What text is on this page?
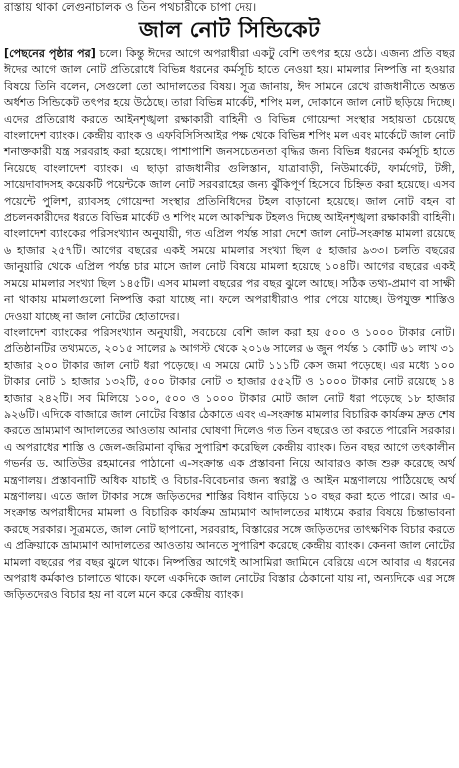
রাস্তায় থাকা লেগুনাচালক ও তিন পথচারীকে চাপা দেয়।

জাল নোট সিন্ডিকেট

[পেছনের পৃষ্ঠার পর] চলে। কিন্তু ঈদের আগে অপরাধীরা একটু বেশি তৎপর হয়ে ওঠে। এজন্য প্রতি বছর ঈদের আগে জাল নোট প্রতিরোধে বিভিন্ন ধরনের কর্মসূচি হাতে নেওয়া হয়। মামলার নিষ্পত্তি না হওয়ার বিষয়ে তিনি বলেন, সেগুলো তো আদালতের বিষয়। সূত্র জানায়, ঈদ সামনে রেখে রাজধানীতে অন্তত অর্ধশত সিন্ডিকেট তৎপর হয়ে উঠেছে। তারা বিভিন্ন মার্কেট, শপিং মল, দোকানে জাল নোট ছড়িয়ে দিচ্ছে। এদের প্রতিরোধ করতে আইনশৃঙ্খলা রক্ষাকারী বাহিনী ও বিভিন্ন গোয়েন্দা সংস্থার সহায়তা চেয়েছে বাংলাদেশ ব্যাংক। কেন্দ্রীয় ব্যাংক ও এফবিসিসিআইর পক্ষ থেকে বিভিন্ন শপিং মল এবং মার্কেটে জাল নোট শনাক্তকারী যন্ত্র সরবরাহ করা হয়েছে। পাশাপাশি জনসচেতনতা বৃদ্ধির জন্য বিভিন্ন ধরনের কর্মসূচি হাতে নিয়েছে বাংলাদেশ ব্যাংক। এ ছাড়া রাজধানীর গুলিস্তান, যাত্রাবাড়ী, নিউমার্কেট, ফার্মগেট, টঙ্গী, সায়েদাবাদসহ কয়েকটি পয়েন্টকে জাল নোট সরবরাহের জন্য ঝুঁকিপূর্ণ হিসেবে চিহ্নিত করা হয়েছে। এসব পয়েন্টে পুলিশ, র‌্যাবসহ গোয়েন্দা সংস্থার প্রতিনিধিদের টহল বাড়ানো হয়েছে। জাল নোট বহন বা প্রচলনকারীদের ধরতে বিভিন্ন মার্কেট ও শপিং মলে আকস্মিক টহলও দিচ্ছে আইনশৃঙ্খলা রক্ষাকারী বাহিনী। বাংলাদেশ ব্যাংকের পরিসংখ্যান অনুযায়ী, গত এপ্রিল পর্যন্ত সারা দেশে জাল নোট-সংক্রান্ত মামলা রয়েছে ৬ হাজার ২৫৭টি। আগের বছরের একই সময়ে মামলার সংখ্যা ছিল ৫ হাজার ৯৩৩। চলতি বছরের জানুয়ারি থেকে এপ্রিল পর্যন্ত চার মাসে জাল নোট বিষয়ে মামলা হয়েছে ১০৪টি। আগের বছরের একই সময়ে মামলার সংখ্যা ছিল ১৪৫টি। এসব মামলা বছরের পর বছর ঝুলে আছে। সঠিক তথ্য-প্রমাণ বা সাক্ষী না থাকায় মামলাগুলো নিষ্পত্তি করা যাচ্ছে না। ফলে অপরাধীরাও পার পেয়ে যাচ্ছে। উপযুক্ত শাস্তিও দেওয়া যাচ্ছে না জাল নোটের হোতাদের।

বাংলাদেশ ব্যাংকের পরিসংখ্যান অনুযায়ী, সবচেয়ে বেশি জাল করা হয় ৫০০ ও ১০০০ টাকার নোট। প্রতিষ্ঠানটির তথ্যমতে, ২০১৫ সালের ৯ আগস্ট থেকে ২০১৬ সালের ৬ জুন পর্যন্ত ১ কোটি ৬১ লাখ ৩১ হাজার ২০০ টাকার জাল নোট ধরা পড়েছে। এ সময়ে মোট ১১১টি কেস জমা পড়েছে। এর মধ্যে ১০০ টাকার নোট ১ হাজার ১৩২টি, ৫০০ টাকার নোট ৩ হাজার ৫৫২টি ও ১০০০ টাকার নোট রয়েছে ১৪ হাজার ২৪২টি। সব মিলিয়ে ১০০, ৫০০ ও ১০০০ টাকার মোট জাল নোট ধরা পড়েছে ১৮ হাজার ৯২৬টি। এদিকে বাজারে জাল নোটের বিস্তার ঠেকাতে এবং এ-সংক্রান্ত মামলার বিচারিক কার্যক্রম দ্রুত শেষ করতে ভ্রাম্যমাণ আদালতের আওতায় আনার ঘোষণা দিলেও গত তিন বছরেও তা করতে পারেনি সরকার। এ অপরাধের শাস্তি ও জেল-জরিমানা বৃদ্ধির সুপারিশ করেছিল কেন্দ্রীয় ব্যাংক। তিন বছর আগে তৎকালীন গভর্নর ড. আতিউর রহমানের পাঠানো এ-সংক্রান্ত এক প্রস্তাবনা নিয়ে আবারও কাজ শুরু করেছে অর্থ মন্ত্রণালয়। প্রস্তাবনাটি অধিক যাচাই ও বিচার-বিবেচনার জন্য স্বরাষ্ট্র ও আইন মন্ত্রণালয়ে পাঠিয়েছে অর্থ মন্ত্রণালয়। এতে জাল টাকার সঙ্গে জড়িতদের শাস্তির বিধান বাড়িয়ে ১০ বছর করা হতে পারে। আর এ-সংক্রান্ত অপরাধীদের মামলা ও বিচারিক কার্যক্রম ভ্রাম্যমাণ আদালতের মাধ্যমে করার বিষয়ে চিন্তাভাবনা করছে সরকার। সূত্রমতে, জাল নোট ছাপানো, সরবরাহ, বিস্তারের সঙ্গে জড়িতদের তাৎক্ষণিক বিচার করতে এ প্রক্রিয়াকে ভ্রাম্যমাণ আদালতের আওতায় আনতে সুপারিশ করেছে কেন্দ্রীয় ব্যাংক। কেননা জাল নোটের মামলা বছরের পর বছর ঝুলে থাকে। নিষ্পত্তির আগেই আসামিরা জামিনে বেরিয়ে এসে আবার এ ধরনের অপরাধ কর্মকাণ্ড চালাতে থাকে। ফলে একদিকে জাল নোটের বিস্তার ঠেকানো যায় না, অন্যদিকে এর সঙ্গে জড়িতদেরও বিচার হয় না বলে মনে করে কেন্দ্রীয় ব্যাংক।
